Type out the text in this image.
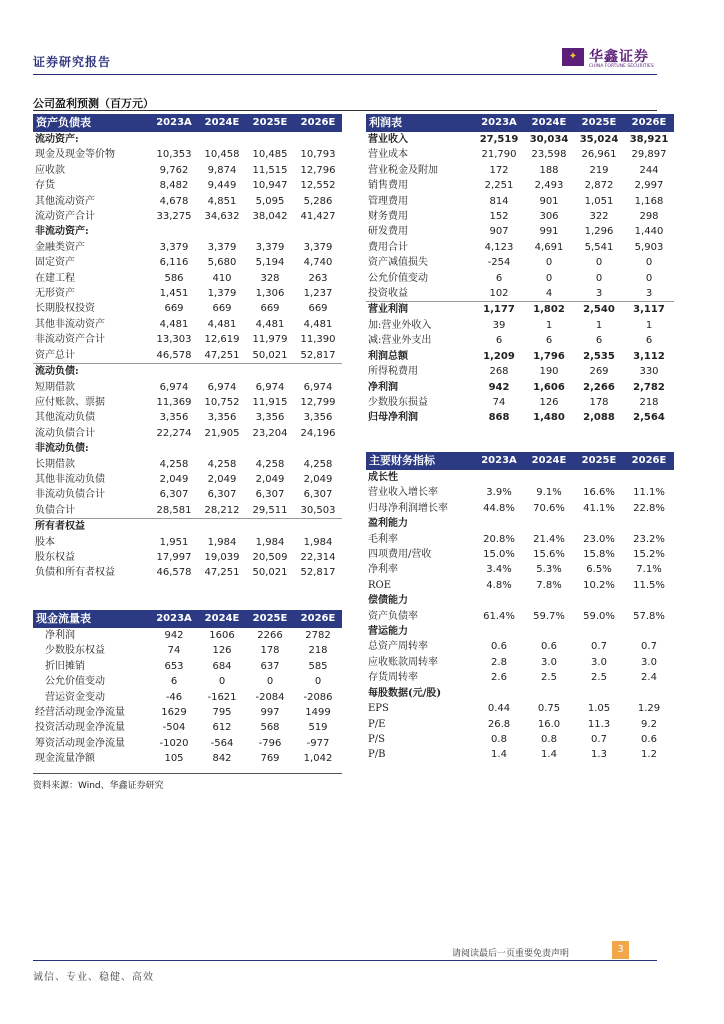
证券研究报告	✦ 华鑫证券
CHINA FORTUNE SECURITIES
公司盈利预测（百万元）
资产负债表	2023A	2024E	2025E	2026E
流动资产:				
现金及现金等价物	10,353	10,458	10,485	10,793
应收款	9,762	9,874	11,515	12,796
存货	8,482	9,449	10,947	12,552
其他流动资产	4,678	4,851	5,095	5,286
流动资产合计	33,275	34,632	38,042	41,427
非流动资产:				
金融类资产	3,379	3,379	3,379	3,379
固定资产	6,116	5,680	5,194	4,740
在建工程	586	410	328	263
无形资产	1,451	1,379	1,306	1,237
长期股权投资	669	669	669	669
其他非流动资产	4,481	4,481	4,481	4,481
非流动资产合计	13,303	12,619	11,979	11,390
资产总计	46,578	47,251	50,021	52,817
流动负债:				
短期借款	6,974	6,974	6,974	6,974
应付账款、票据	11,369	10,752	11,915	12,799
其他流动负债	3,356	3,356	3,356	3,356
流动负债合计	22,274	21,905	23,204	24,196
非流动负债:				
长期借款	4,258	4,258	4,258	4,258
其他非流动负债	2,049	2,049	2,049	2,049
非流动负债合计	6,307	6,307	6,307	6,307
负债合计	28,581	28,212	29,511	30,503
所有者权益				
股本	1,951	1,984	1,984	1,984
股东权益	17,997	19,039	20,509	22,314
负债和所有者权益	46,578	47,251	50,021	52,817
现金流量表	2023A	2024E	2025E	2026E
净利润	942	1606	2266	2782
少数股东权益	74	126	178	218
折旧摊销	653	684	637	585
公允价值变动	6	0	0	0
营运资金变动	-46	-1621	-2084	-2086
经营活动现金净流量	1629	795	997	1499
投资活动现金净流量	-504	612	568	519
筹资活动现金净流量	-1020	-564	-796	-977
现金流量净额	105	842	769	1,042
利润表	2023A	2024E	2025E	2026E
营业收入	27,519	30,034	35,024	38,921
营业成本	21,790	23,598	26,961	29,897
营业税金及附加	172	188	219	244
销售费用	2,251	2,493	2,872	2,997
管理费用	814	901	1,051	1,168
财务费用	152	306	322	298
研发费用	907	991	1,296	1,440
费用合计	4,123	4,691	5,541	5,903
资产减值损失	-254	0	0	0
公允价值变动	6	0	0	0
投资收益	102	4	3	3
营业利润	1,177	1,802	2,540	3,117
加:营业外收入	39	1	1	1
减:营业外支出	6	6	6	6
利润总额	1,209	1,796	2,535	3,112
所得税费用	268	190	269	330
净利润	942	1,606	2,266	2,782
少数股东损益	74	126	178	218
归母净利润	868	1,480	2,088	2,564
主要财务指标	2023A	2024E	2025E	2026E
成长性				
营业收入增长率	3.9%	9.1%	16.6%	11.1%
归母净利润增长率	44.8%	70.6%	41.1%	22.8%
盈利能力				
毛利率	20.8%	21.4%	23.0%	23.2%
四项费用/营收	15.0%	15.6%	15.8%	15.2%
净利率	3.4%	5.3%	6.5%	7.1%
ROE	4.8%	7.8%	10.2%	11.5%
偿债能力				
资产负债率	61.4%	59.7%	59.0%	57.8%
营运能力				
总资产周转率	0.6	0.6	0.7	0.7
应收账款周转率	2.8	3.0	3.0	3.0
存货周转率	2.6	2.5	2.5	2.4
每股数据(元/股)				
EPS	0.44	0.75	1.05	1.29
P/E	26.8	16.0	11.3	9.2
P/S	0.8	0.8	0.7	0.6
P/B	1.4	1.4	1.3	1.2
资料来源：Wind、华鑫证券研究
请阅读最后一页重要免责声明	3
诚信、专业、稳健、高效
